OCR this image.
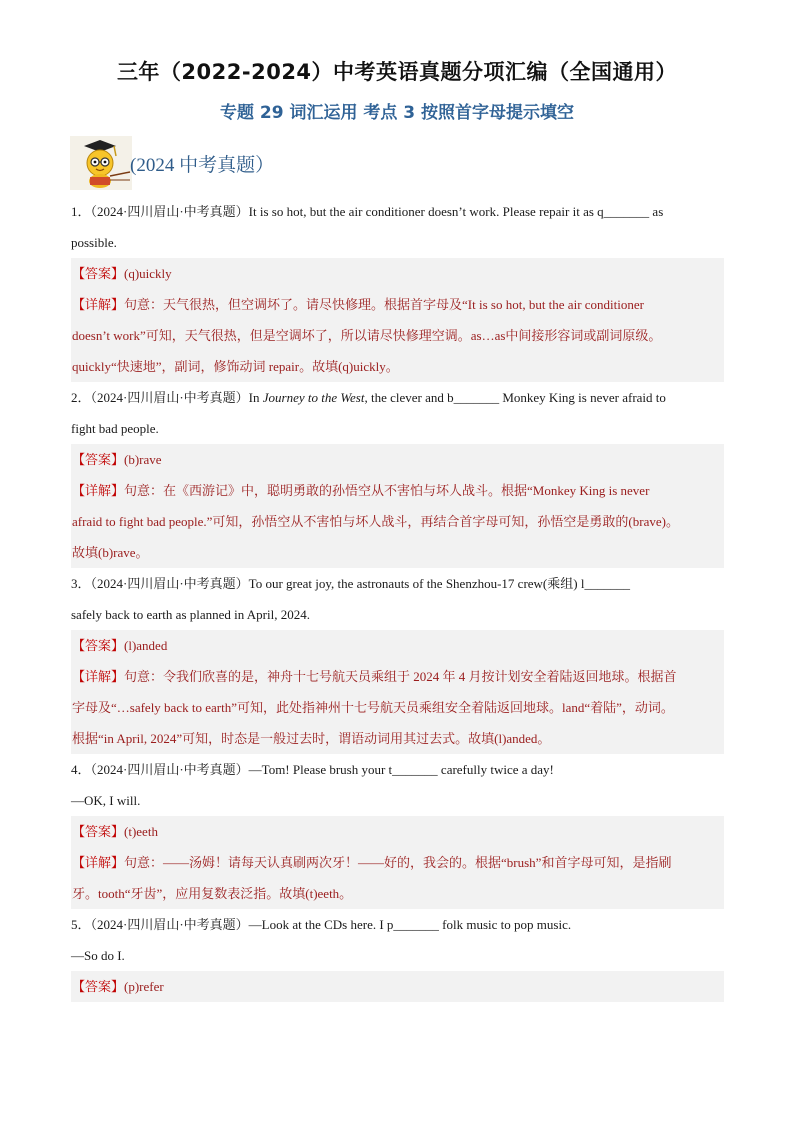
三年（2022-2024）中考英语真题分项汇编（全国通用）
专题 29 词汇运用 考点 3 按照首字母提示填空
(2024 中考真题）

1．（2024·四川眉山·中考真题）It is so hot, but the air conditioner doesn’t work. Please repair it as q_______ as

possible.

【答案】(q)uickly
【详解】句意：天气很热，但空调坏了。请尽快修理。根据首字母及“It is so hot, but the air conditioner
doesn’t work”可知，天气很热，但是空调坏了，所以请尽快修理空调。as…as中间接形容词或副词原级。
quickly“快速地”，副词，修饰动词 repair。故填(q)uickly。

2．（2024·四川眉山·中考真题）In Journey to the West, the clever and b_______ Monkey King is never afraid to

fight bad people.

【答案】(b)rave
【详解】句意：在《西游记》中，聪明勇敢的孙悟空从不害怕与坏人战斗。根据“Monkey King is never
afraid to fight bad people.”可知，孙悟空从不害怕与坏人战斗，再结合首字母可知，孙悟空是勇敢的(brave)。
故填(b)rave。

3．（2024·四川眉山·中考真题）To our great joy, the astronauts of the Shenzhou-17 crew(乘组) l_______

safely back to earth as planned in April, 2024.

【答案】(l)anded
【详解】句意：令我们欣喜的是，神舟十七号航天员乘组于 2024 年 4 月按计划安全着陆返回地球。根据首
字母及“…safely back to earth”可知，此处指神州十七号航天员乘组安全着陆返回地球。land“着陆”，动词。
根据“in April, 2024”可知，时态是一般过去时，谓语动词用其过去式。故填(l)anded。

4．（2024·四川眉山·中考真题）—Tom! Please brush your t_______ carefully twice a day!

—OK, I will.

【答案】(t)eeth
【详解】句意：——汤姆！请每天认真刷两次牙！——好的，我会的。根据“brush”和首字母可知，是指刷
牙。tooth“牙齿”，应用复数表泛指。故填(t)eeth。

5．（2024·四川眉山·中考真题）—Look at the CDs here. I p_______ folk music to pop music.

—So do I.

【答案】(p)refer
